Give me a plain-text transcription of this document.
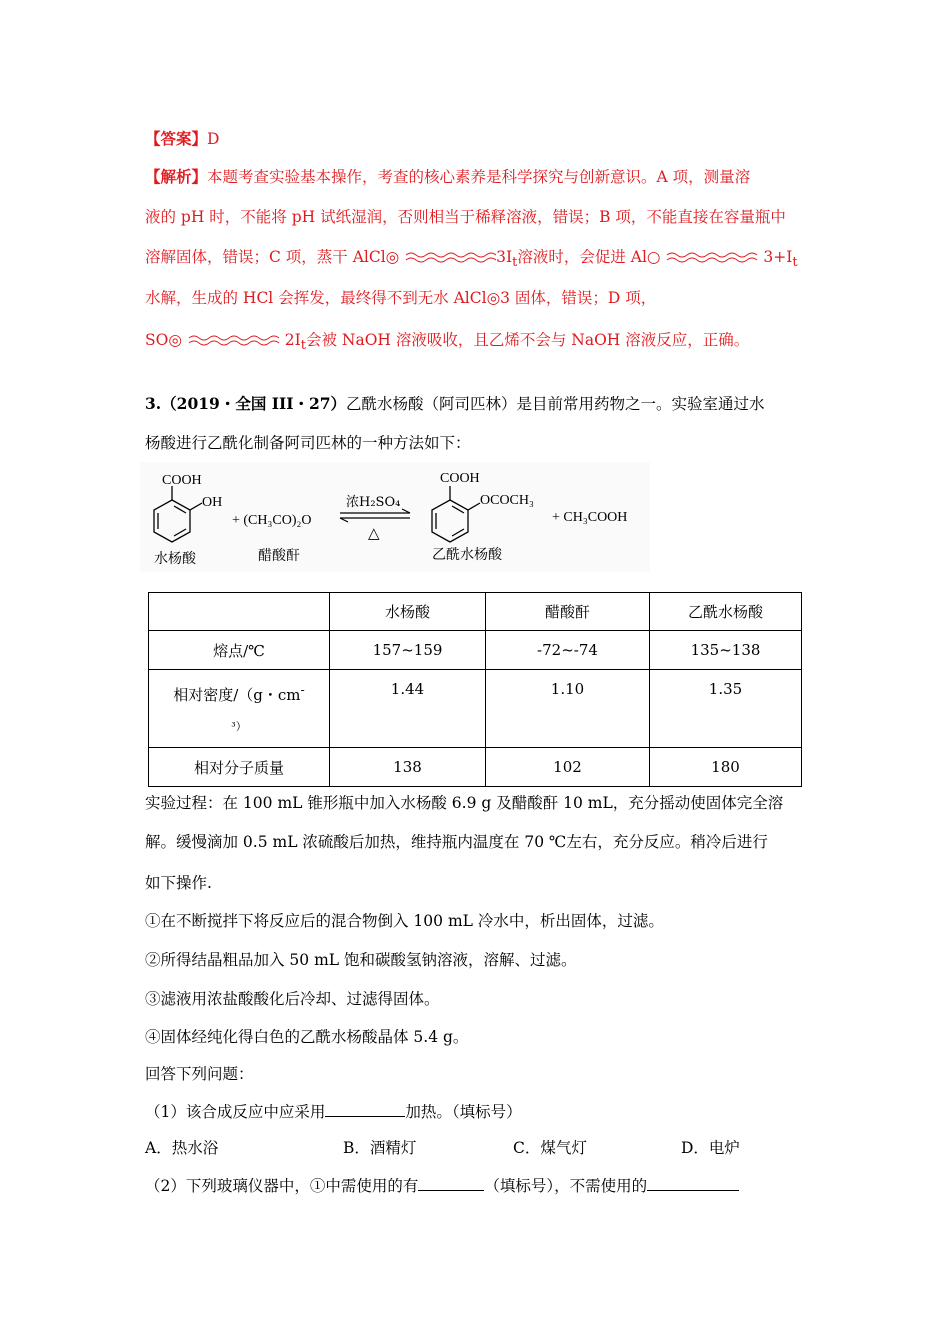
【答案】D
【解析】本题考查实验基本操作，考查的核心素养是科学探究与创新意识。A 项，测量溶
液的 pH 时，不能将 pH 试纸湿润，否则相当于稀释溶液，错误；B 项，不能直接在容量瓶中
溶解固体，错误；C 项，蒸干 AlCl◎	$3I_t$溶液时，会促进 Al○	$3+I_t$
水解，生成的 HCl 会挥发，最终得不到无水 AlCl◎3 固体，错误；D 项，
SO◎	$2I_t$会被 NaOH 溶液吸收，且乙烯不会与 NaOH 溶液反应，正确。
3.（2019・全国 III・27）乙酰水杨酸（阿司匹林）是目前常用药物之一。实验室通过水
杨酸进行乙酰化制备阿司匹林的一种方法如下：
COOH
OH
水杨酸
+ (CH₃CO)₂O
醋酸酐
浓H₂SO₄
△
COOH
OCOCH₃
乙酰水杨酸
+ CH₃COOH
	水杨酸	醋酸酐	乙酰水杨酸
熔点/℃	157~159	-72~-74	135~138
相对密度/（g・cm-
³）	1.44	1.10	1.35
相对分子质量	138	102	180
实验过程：在 100 mL 锥形瓶中加入水杨酸 6.9 g 及醋酸酐 10 mL，充分摇动使固体完全溶
解。缓慢滴加 0.5 mL 浓硫酸后加热，维持瓶内温度在 70 ℃左右，充分反应。稍冷后进行
如下操作.
①在不断搅拌下将反应后的混合物倒入 100 mL 冷水中，析出固体，过滤。
②所得结晶粗品加入 50 mL 饱和碳酸氢钠溶液，溶解、过滤。
③滤液用浓盐酸酸化后冷却、过滤得固体。
④固体经纯化得白色的乙酰水杨酸晶体 5.4 g。
回答下列问题：
（1）该合成反应中应采用	加热。（填标号）
A．热水浴	B．酒精灯	C．煤气灯	D．电炉
（2）下列玻璃仪器中，①中需使用的有	（填标号），不需使用的
